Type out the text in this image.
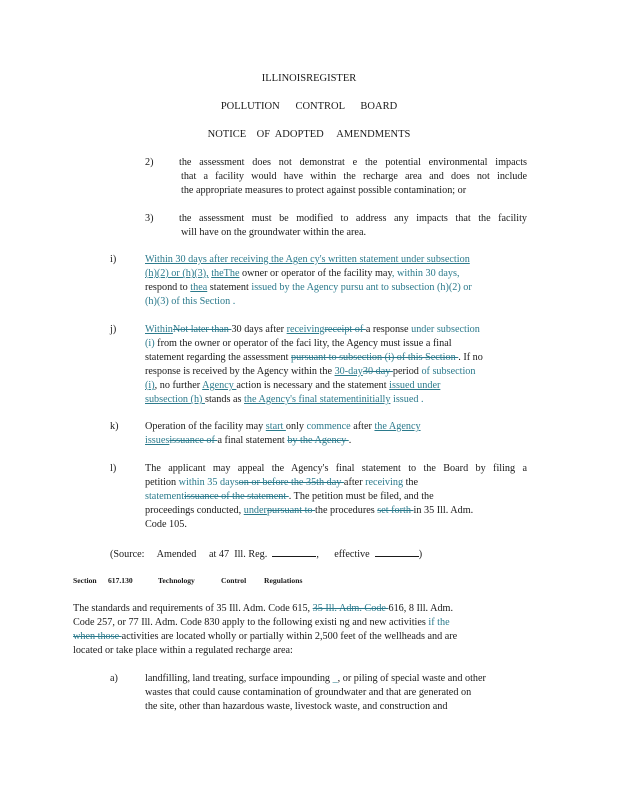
ILLINOISREGISTER
POLLUTION      CONTROL      BOARD
NOTICE    OF  ADOPTED     AMENDMENTS
2)	the assessment does not demonstrat e the potential environmental impacts
that a facility would have within the recharge area and does not include
the appropriate measures to protect against possible contamination; or
3)	the assessment must be modified to address any impacts that the facility
will have on the groundwater within the area.
i)	Within 30 days after receiving the Agen cy's written statement under subsection
(h)(2) or (h)(3), theThe owner or operator of the facility may, within 30 days,
respond to thea statement issued by the Agency pursu ant to subsection (h)(2) or
(h)(3) of this Section .
j)	WithinNot later than 30 days after receivingreceipt of a response under subsection
(i) from the owner or operator of the faci lity, the Agency must issue a final
statement regarding the assessment pursuant to subsection (i) of this Section . If no
response is received by the Agency within the 30-day30 day period of subsection
(i), no further Agency action is necessary and the statement issued under
subsection (h) stands as the Agency's final statementinitially issued .
k)	Operation of the facility may start only commence after the Agency
issuesissuance of a final statement by the Agency .
l)	The applicant may appeal the Agency's final statement to the Board by filing a
petition within 35 dayson or before the 35th day after receiving the
statementissuance of the statement . The petition must be filed, and the
proceedings conducted, underpursuant to the procedures set forth in 35 Ill. Adm.
Code 105.
(Source:     Amended     at 47  Ill. Reg.	,      effective	)
Section      617.130	Technology	Control Regulations
The standards and requirements of 35 Ill. Adm. Code 615, 35 Ill. Adm. Code 616, 8 Ill. Adm.
Code 257, or 77 Ill. Adm. Code 830 apply to the following existi ng and new activities if the
when those activities are located wholly or partially within 2,500 feet of the wellheads and are
located or take place within a regulated recharge area:
a)	landfilling, land treating, surface impounding _, or piling of special waste and other
wastes that could cause contamination of groundwater and that are generated on
the site, other than hazardous waste, livestock waste, and construction and
